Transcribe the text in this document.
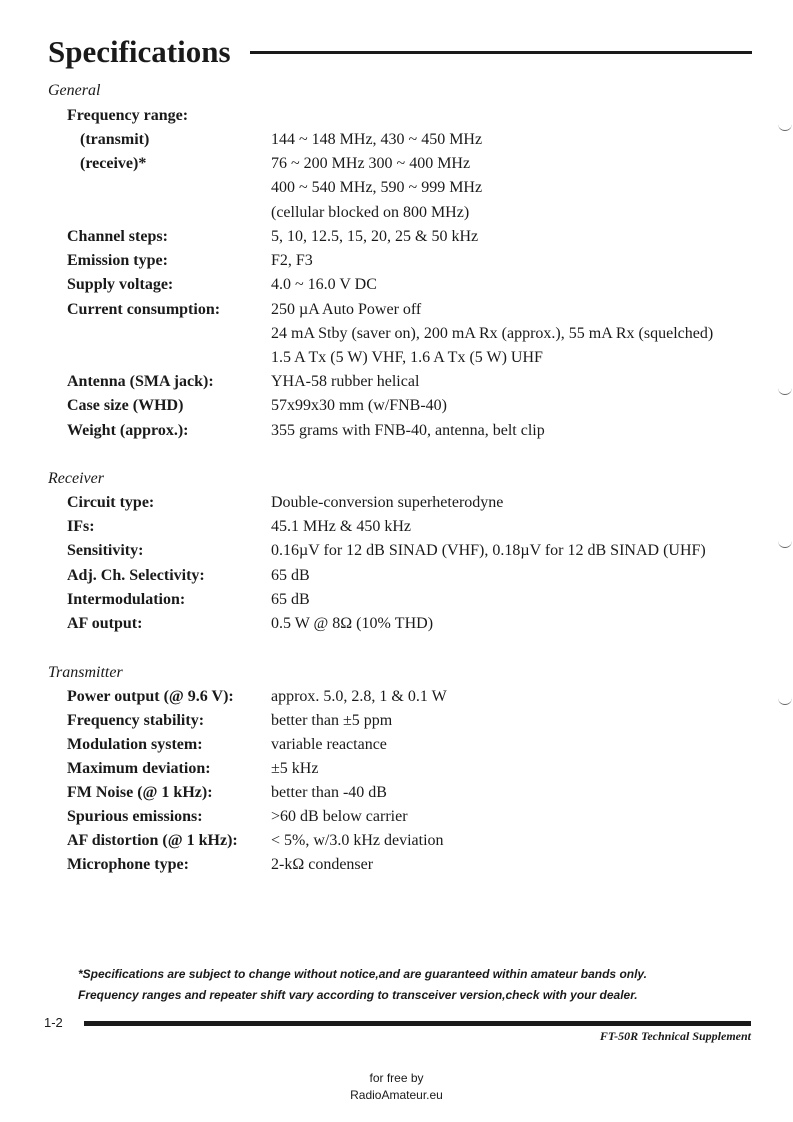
Specifications
General
Frequency range:
(transmit)	144 ~ 148 MHz, 430 ~ 450 MHz
(receive)*	76 ~ 200 MHz 300 ~ 400 MHz
400 ~ 540 MHz, 590 ~ 999 MHz
(cellular blocked on 800 MHz)
Channel steps:	5, 10, 12.5, 15, 20, 25 & 50 kHz
Emission type:	F2, F3
Supply voltage:	4.0 ~ 16.0 V DC
Current consumption:	250 µA Auto Power off
24 mA Stby (saver on), 200 mA Rx (approx.), 55 mA Rx (squelched)
1.5 A Tx (5 W) VHF, 1.6 A Tx (5 W) UHF
Antenna (SMA jack):	YHA-58 rubber helical
Case size (WHD)	57x99x30 mm (w/FNB-40)
Weight (approx.):	355 grams with FNB-40, antenna, belt clip
Receiver
Circuit type:	Double-conversion superheterodyne
IFs:	45.1 MHz & 450 kHz
Sensitivity:	0.16µV for 12 dB SINAD (VHF), 0.18µV for 12 dB SINAD (UHF)
Adj. Ch. Selectivity:	65 dB
Intermodulation:	65 dB
AF output:	0.5 W @ 8Ω (10% THD)
Transmitter
Power output (@ 9.6 V): approx. 5.0, 2.8, 1 & 0.1 W
Frequency stability:	better than ±5 ppm
Modulation system:	variable reactance
Maximum deviation:	±5 kHz
FM Noise (@ 1 kHz):	better than -40 dB
Spurious emissions:	>60 dB below carrier
AF distortion (@ 1 kHz): < 5%, w/3.0 kHz deviation
Microphone type:	2-kΩ condenser
*Specifications are subject to change without notice,and are guaranteed within amateur bands only.
Frequency ranges and repeater shift vary according to transceiver version,check with your dealer.
1-2
FT-50R Technical Supplement
for free by
RadioAmateur.eu
